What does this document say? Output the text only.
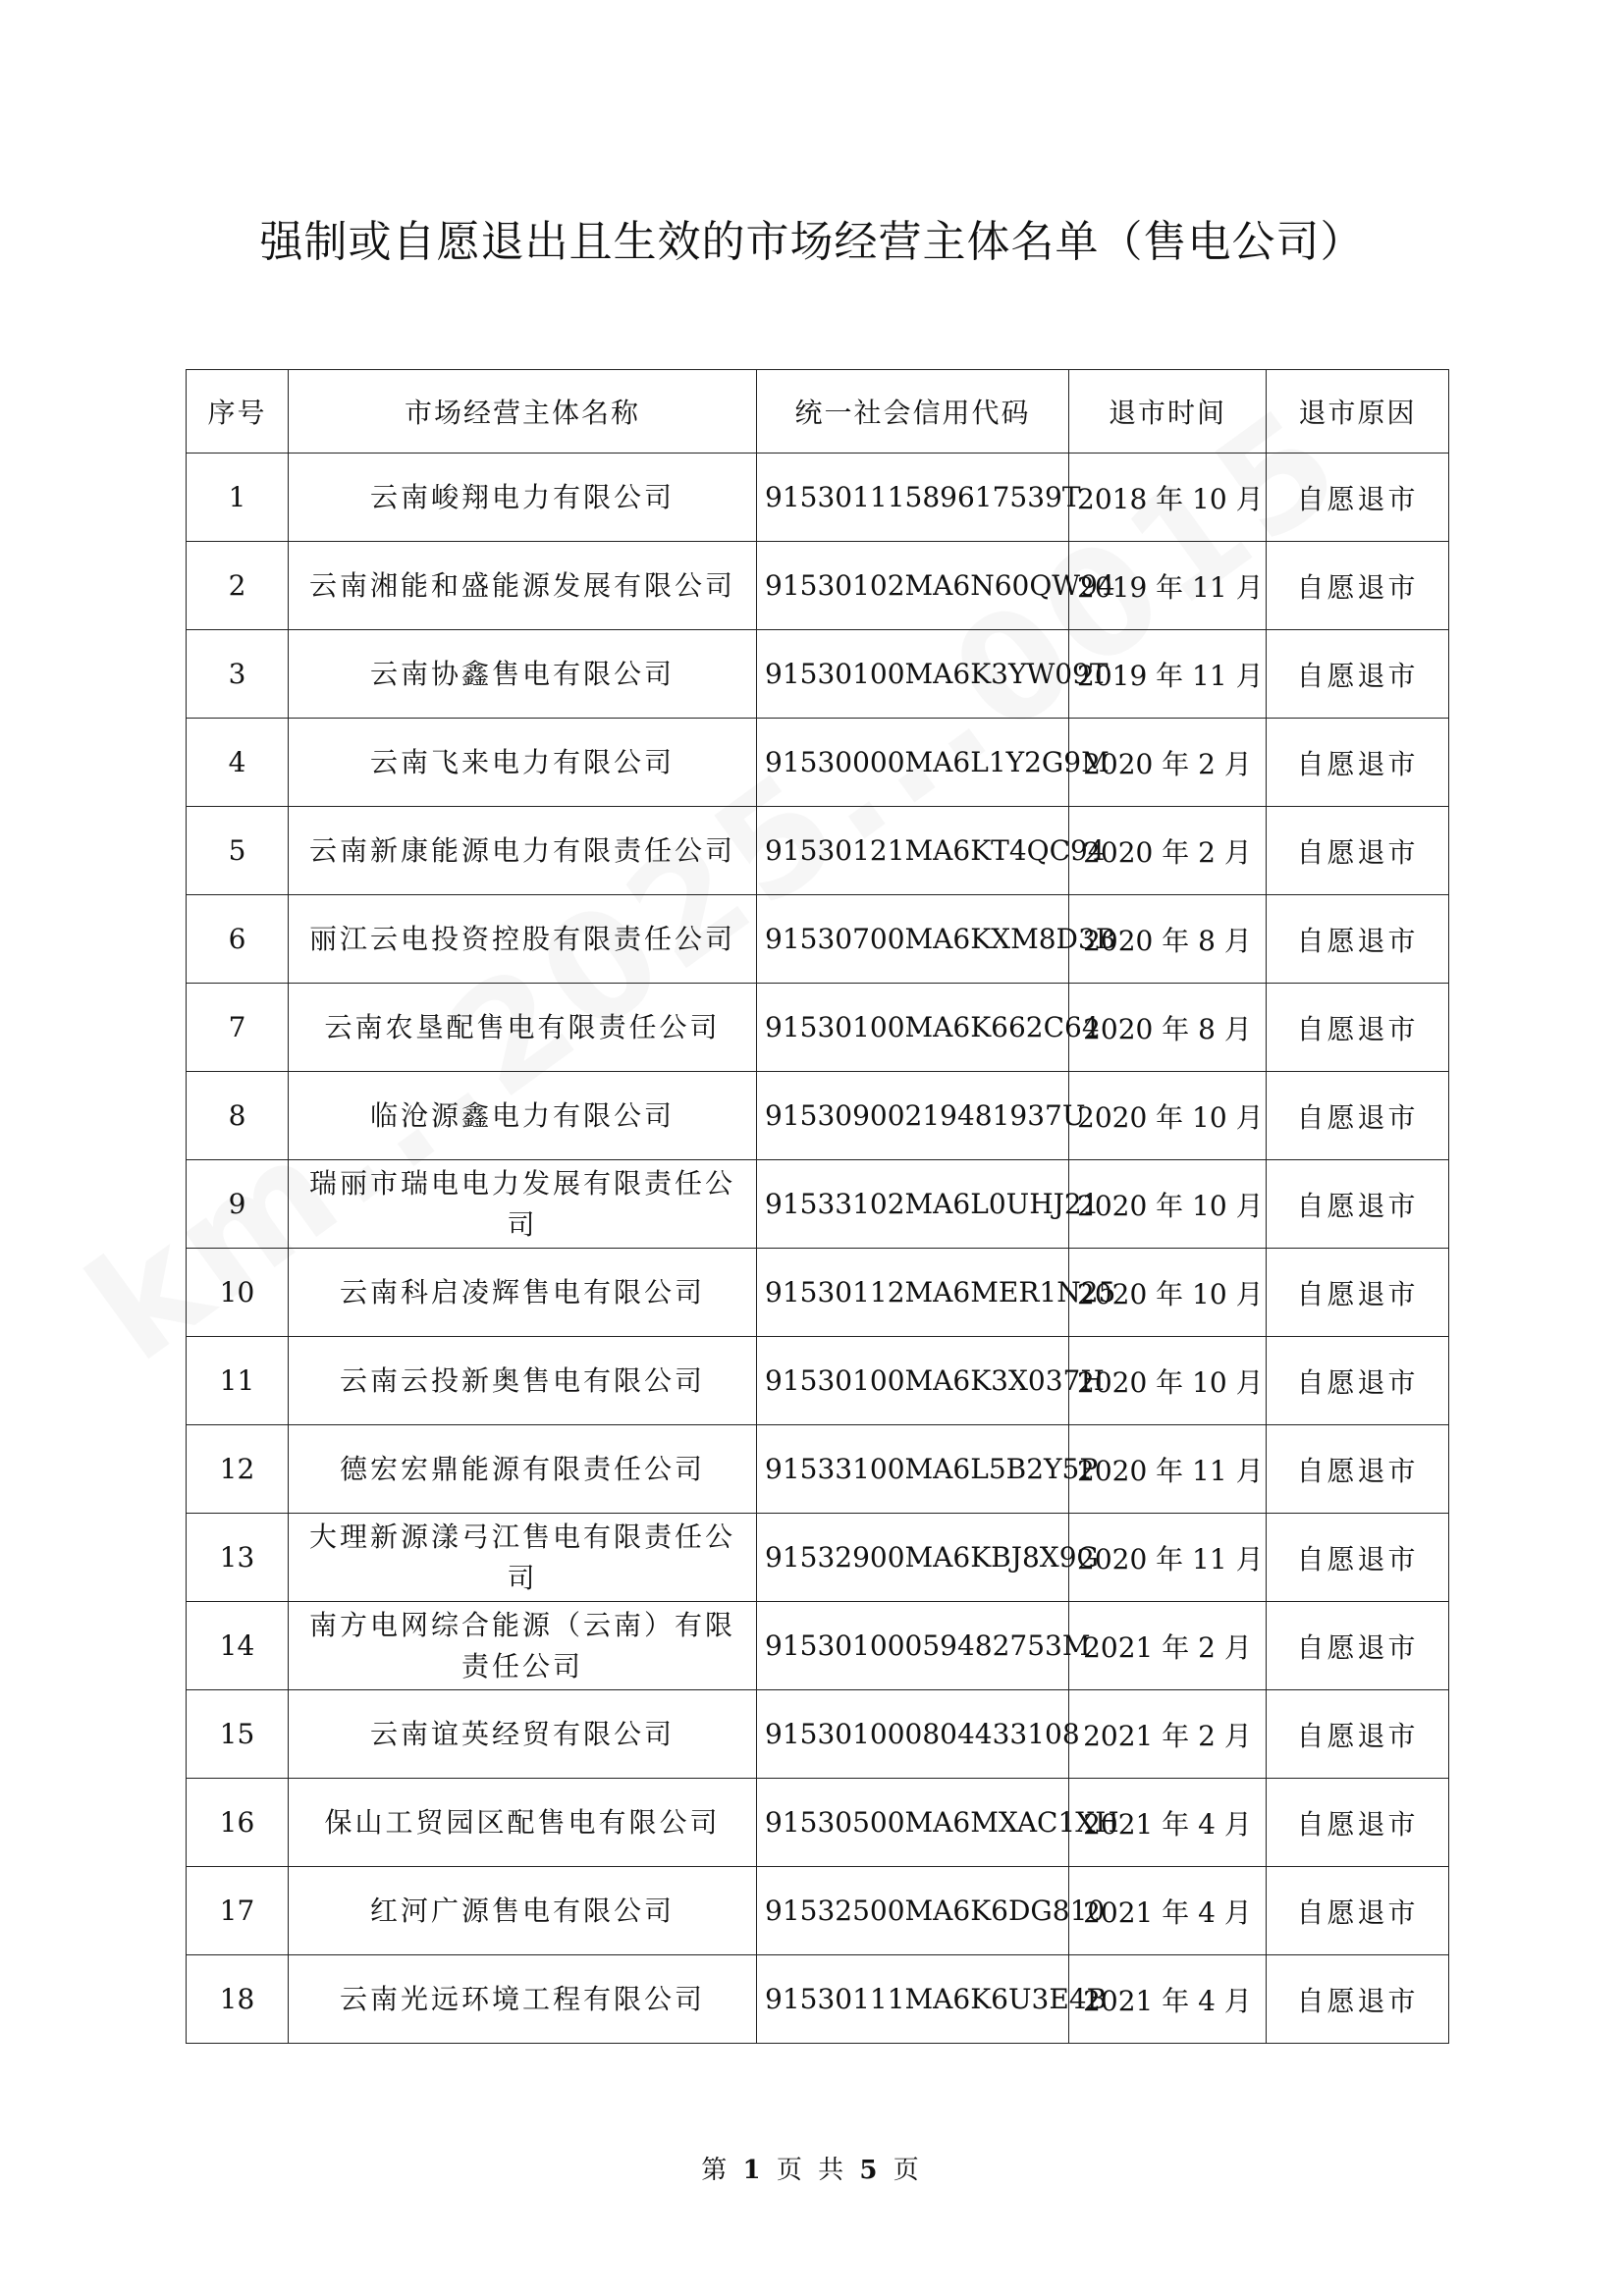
强制或自愿退出且生效的市场经营主体名单（售电公司）
序号	市场经营主体名称	统一社会信用代码	退市时间	退市原因
1	云南峻翔电力有限公司	91530111589617539T	2018 年 10 月	自愿退市
2	云南湘能和盛能源发展有限公司	91530102MA6N60QW94	2019 年 11 月	自愿退市
3	云南协鑫售电有限公司	91530100MA6K3YW09T	2019 年 11 月	自愿退市
4	云南飞来电力有限公司	91530000MA6L1Y2G9M	2020 年 2 月	自愿退市
5	云南新康能源电力有限责任公司	91530121MA6KT4QC94	2020 年 2 月	自愿退市
6	丽江云电投资控股有限责任公司	91530700MA6KXM8D3B	2020 年 8 月	自愿退市
7	云南农垦配售电有限责任公司	91530100MA6K662C64	2020 年 8 月	自愿退市
8	临沧源鑫电力有限公司	91530900219481937U	2020 年 10 月	自愿退市
9	瑞丽市瑞电电力发展有限责任公司	91533102MA6L0UHJ21	2020 年 10 月	自愿退市
10	云南科启凌辉售电有限公司	91530112MA6MER1N25	2020 年 10 月	自愿退市
11	云南云投新奥售电有限公司	91530100MA6K3X037H	2020 年 10 月	自愿退市
12	德宏宏鼎能源有限责任公司	91533100MA6L5B2Y5P	2020 年 11 月	自愿退市
13	大理新源漾弓江售电有限责任公司	91532900MA6KBJ8X9G	2020 年 11 月	自愿退市
14	南方电网综合能源（云南）有限责任公司	91530100059482753M	2021 年 2 月	自愿退市
15	云南谊英经贸有限公司	915301000804433108	2021 年 2 月	自愿退市
16	保山工贸园区配售电有限公司	91530500MA6MXAC1XH	2021 年 4 月	自愿退市
17	红河广源售电有限公司	91532500MA6K6DG810	2021 年 4 月	自愿退市
18	云南光远环境工程有限公司	91530111MA6K6U3E4B	2021 年 4 月	自愿退市
第 1 页 共 5 页
